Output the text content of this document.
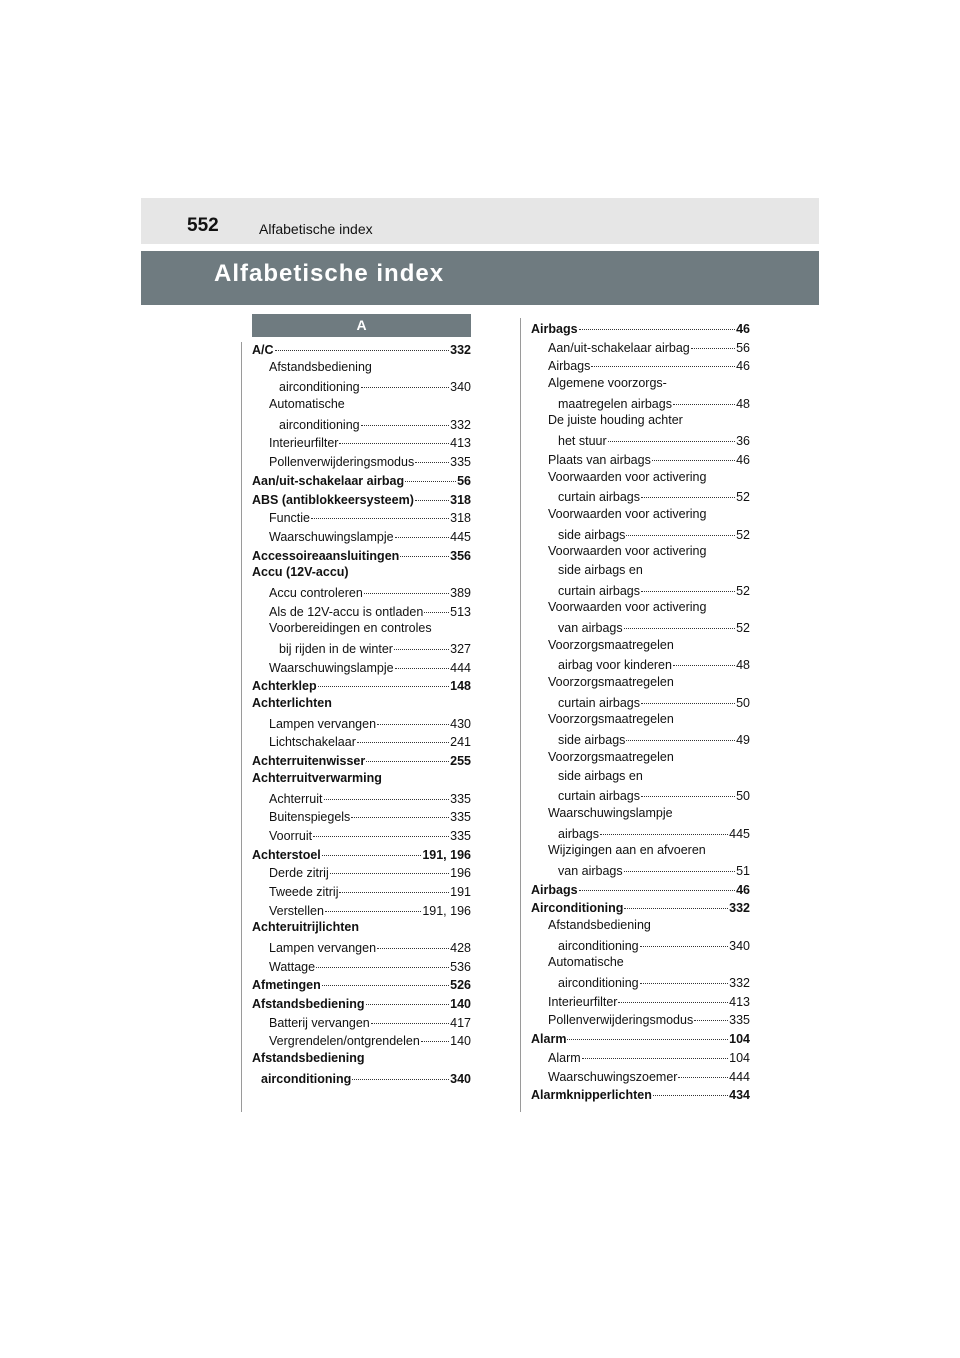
552	Alfabetische index
Alfabetische index
A
A/C	332
Afstandsbediening
airconditioning	340
Automatische
airconditioning	332
Interieurfilter	413
Pollenverwijderingsmodus	335
Aan/uit-schakelaar airbag	56
ABS (antiblokkeersysteem)	318
Functie	318
Waarschuwingslampje	445
Accessoireaansluitingen	356
Accu (12V-accu)
Accu controleren	389
Als de 12V-accu is ontladen 513
Voorbereidingen en controles
bij rijden in de winter	327
Waarschuwingslampje	444
Achterklep	148
Achterlichten
Lampen vervangen	430
Lichtschakelaar	241
Achterruitenwisser	255
Achterruitverwarming
Achterruit	335
Buitenspiegels	335
Voorruit	335
Achterstoel	191, 196
Derde zitrij	196
Tweede zitrij	191
Verstellen	191, 196
Achteruitrijlichten
Lampen vervangen	428
Wattage	536
Afmetingen	526
Afstandsbediening	140
Batterij vervangen	417
Vergrendelen/ontgrendelen 140
Afstandsbediening
airconditioning	340
Airbags	46
Aan/uit-schakelaar airbag	56
Airbags	46
Algemene voorzorgs-
maatregelen airbags	48
De juiste houding achter
het stuur	36
Plaats van airbags	46
Voorwaarden voor activering
curtain airbags	52
Voorwaarden voor activering
side airbags	52
Voorwaarden voor activering
side airbags en
curtain airbags	52
Voorwaarden voor activering
van airbags	52
Voorzorgsmaatregelen
airbag voor kinderen	48
Voorzorgsmaatregelen
curtain airbags	50
Voorzorgsmaatregelen
side airbags	49
Voorzorgsmaatregelen
side airbags en
curtain airbags	50
Waarschuwingslampje
airbags	445
Wijzigingen aan en afvoeren
van airbags	51
Airbags	46
Airconditioning	332
Afstandsbediening
airconditioning	340
Automatische
airconditioning	332
Interieurfilter	413
Pollenverwijderingsmodus	335
Alarm	104
Alarm	104
Waarschuwingszoemer	444
Alarmknipperlichten	434
